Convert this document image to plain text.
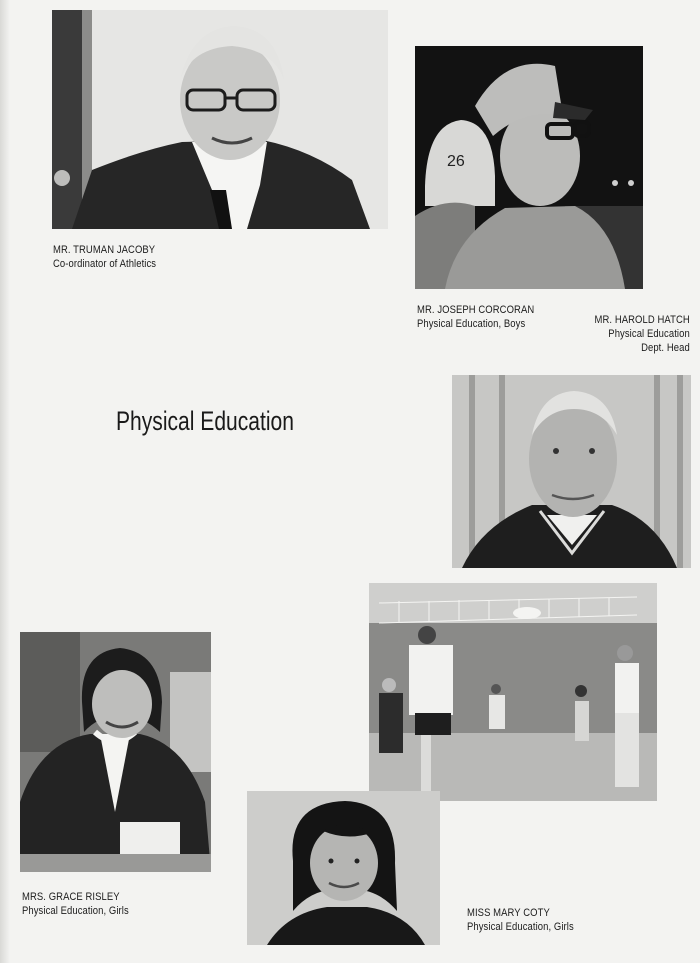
MR. TRUMAN JACOBY
Co-ordinator of Athletics
26
MR. JOSEPH CORCORAN
Physical Education, Boys	MR. HAROLD HATCH
Physical Education
Dept. Head
Physical Education
MRS. GRACE RISLEY
Physical Education, Girls	MISS MARY COTY
Physical Education, Girls
